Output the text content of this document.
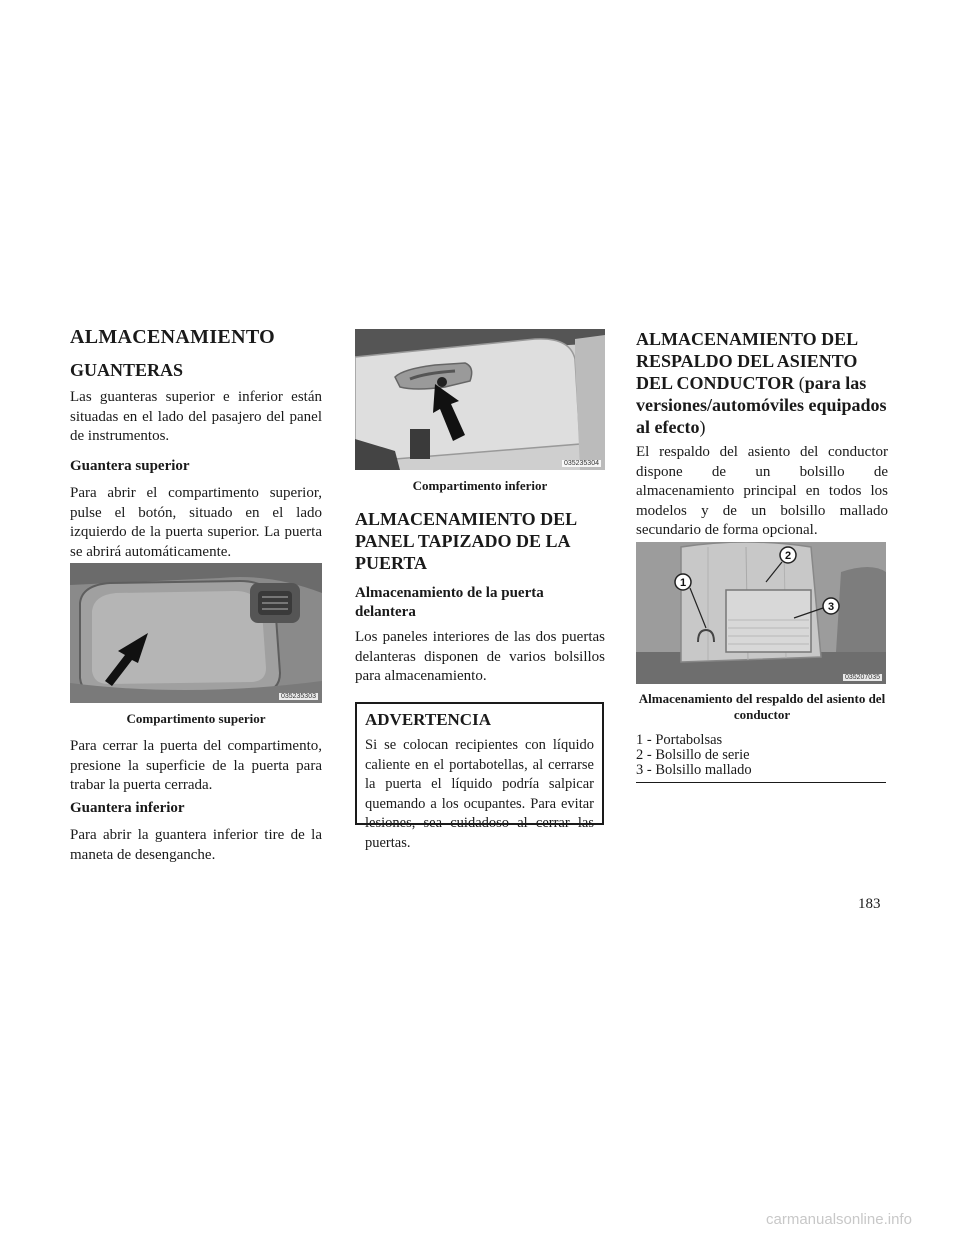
ALMACENAMIENTO
GUANTERAS

Las guanteras superior e inferior están situadas en el lado del pasajero del panel de instrumentos.

Guantera superior

Para abrir el compartimento superior, pulse el botón, situado en el lado izquierdo de la puerta superior. La puerta se abrirá automáticamente.

035235303
Compartimento superior

Para cerrar la puerta del compartimento, presione la superficie de la puerta para trabar la puerta cerrada.

Guantera inferior

Para abrir la guantera inferior tire de la maneta de desenganche.

035235304
Compartimento inferior
ALMACENAMIENTO DEL PANEL TAPIZADO DE LA PUERTA
Almacenamiento de la puerta delantera

Los paneles interiores de las dos puertas delanteras disponen de varios bolsillos para almacenamiento.

ADVERTENCIA

Si se colocan recipientes con líquido caliente en el portabotellas, al cerrarse la puerta el líquido podría salpicar quemando a los ocupantes. Para evitar lesiones, sea cuidadoso al cerrar las puertas.

ALMACENAMIENTO DEL RESPALDO DEL ASIENTO DEL CONDUCTOR (para las versiones/automóviles equipados al efecto)

El respaldo del asiento del conductor dispone de un bolsillo de almacenamiento principal en todos los modelos y de un bolsillo mallado secundario de forma opcional.

1
2
3
035207035
Almacenamiento del respaldo del asiento del conductor
1 - Portabolsas
2 - Bolsillo de serie
3 - Bolsillo mallado
183
carmanualsonline.info
